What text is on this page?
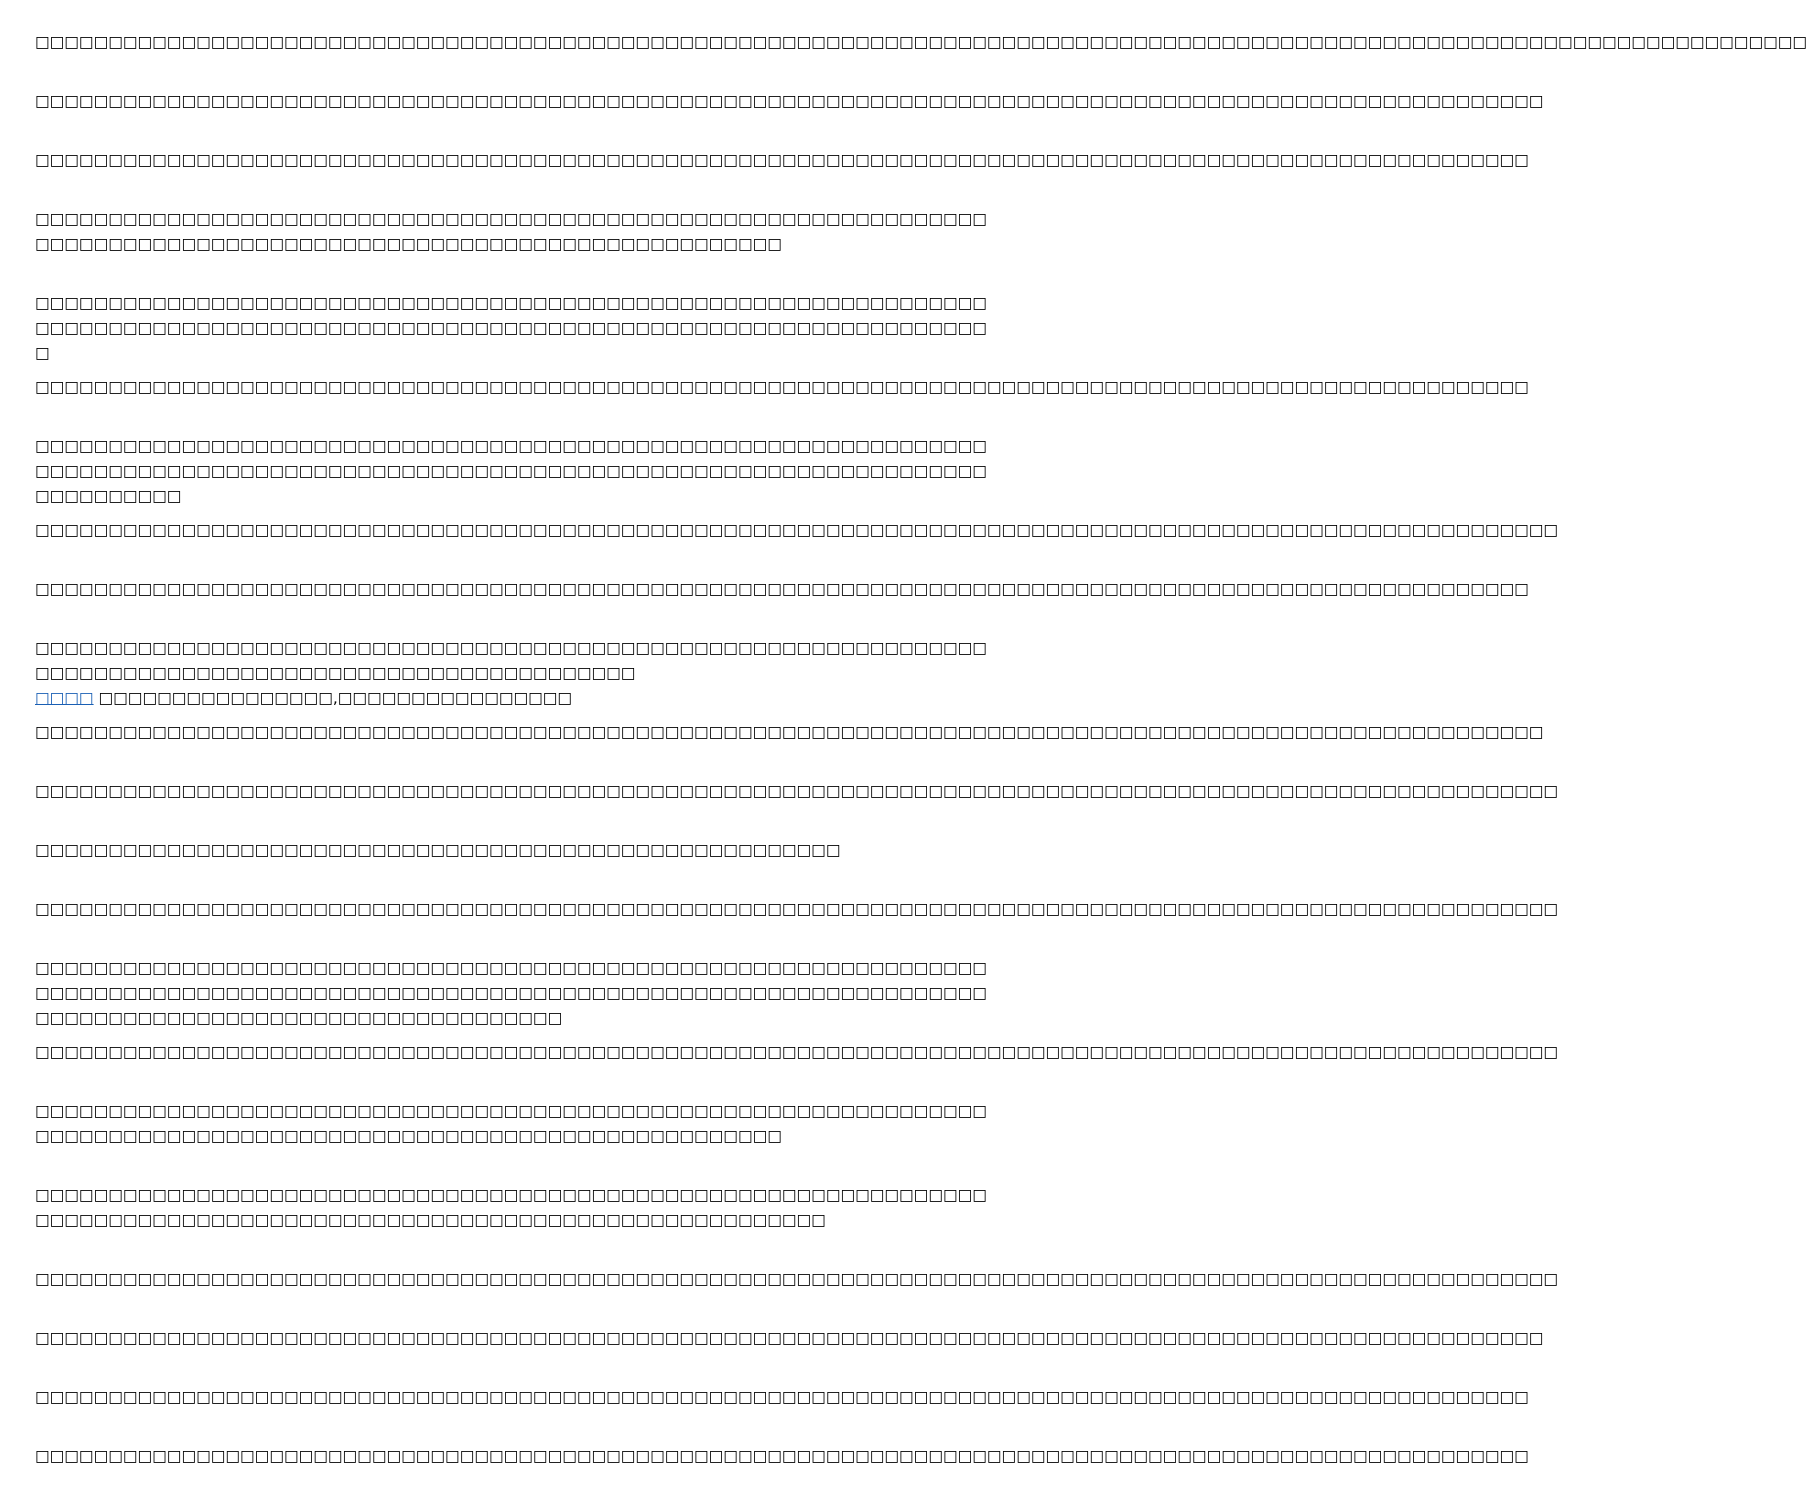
□□□□□□□□□□□□□□□□□□□□□□□□□□□□□□□□□□□□□□□□□□□□□□□□□□□□□□□□□□□□□□□□□□□□□□□□□□□□□□□□□□□□□□□□□□□□□□□□□□□□□□□□□□□□□□□□□□□□□□□□□

□□□□□□□□□□□□□□□□□□□□□□□□□□□□□□□□□□□□□□□□□□□□□□□□□□□□□□□□□□□□□□□□□□□□□□□□□□□□□□□□□□□□□□□□□□□□□□□□□□□□□□□

□□□□□□□□□□□□□□□□□□□□□□□□□□□□□□□□□□□□□□□□□□□□□□□□□□□□□□□□□□□□□□□□□□□□□□□□□□□□□□□□□□□□□□□□□□□□□□□□□□□□□□

□□□□□□□□□□□□□□□□□□□□□□□□□□□□□□□□□□□□□□□□□□□□□□□□□□□□□□□□□□□□□□□□□□□□□□□□□□□□□□□□□□□□□□□□□□□□□□□□□□□□□□□□□□□□□□□□□□□□

□□□□□□□□□□□□□□□□□□□□□□□□□□□□□□□□□□□□□□□□□□□□□□□□□□□□□□□□□□□□□□□□□□□□□□□□□□□□□□□□□□□□□□□□□□□□□□□□□□□□□□□□□□□□□□□□□□□□□□□□□□□□□□□□□□□

□□□□□□□□□□□□□□□□□□□□□□□□□□□□□□□□□□□□□□□□□□□□□□□□□□□□□□□□□□□□□□□□□□□□□□□□□□□□□□□□□□□□□□□□□□□□□□□□□□□□□□

□□□□□□□□□□□□□□□□□□□□□□□□□□□□□□□□□□□□□□□□□□□□□□□□□□□□□□□□□□□□□□□□□□□□□□□□□□□□□□□□□□□□□□□□□□□□□□□□□□□□□□□□□□□□□□□□□□□□□□□□□□□□□□□□□□□□□□□□□□□□

□□□□□□□□□□□□□□□□□□□□□□□□□□□□□□□□□□□□□□□□□□□□□□□□□□□□□□□□□□□□□□□□□□□□□□□□□□□□□□□□□□□□□□□□□□□□□□□□□□□□□□□□

□□□□□□□□□□□□□□□□□□□□□□□□□□□□□□□□□□□□□□□□□□□□□□□□□□□□□□□□□□□□□□□□□□□□□□□□□□□□□□□□□□□□□□□□□□□□□□□□□□□□□□

□□□□□□□□□□□□□□□□□□□□□□□□□□□□□□□□□□□□□□□□□□□□□□□□□□□□□□□□□□□□□□□□□□□□□□□□□□□□□□□□□□□□□□□□□□□□□□□□□□□□□□□□□□
□□□□ □□□□□□□□□□□□□□□□,□□□□□□□□□□□□□□□□

□□□□□□□□□□□□□□□□□□□□□□□□□□□□□□□□□□□□□□□□□□□□□□□□□□□□□□□□□□□□□□□□□□□□□□□□□□□□□□□□□□□□□□□□□□□□□□□□□□□□□□□

□□□□□□□□□□□□□□□□□□□□□□□□□□□□□□□□□□□□□□□□□□□□□□□□□□□□□□□□□□□□□□□□□□□□□□□□□□□□□□□□□□□□□□□□□□□□□□□□□□□□□□□□

□□□□□□□□□□□□□□□□□□□□□□□□□□□□□□□□□□□□□□□□□□□□□□□□□□□□□□□

□□□□□□□□□□□□□□□□□□□□□□□□□□□□□□□□□□□□□□□□□□□□□□□□□□□□□□□□□□□□□□□□□□□□□□□□□□□□□□□□□□□□□□□□□□□□□□□□□□□□□□□□

□□□□□□□□□□□□□□□□□□□□□□□□□□□□□□□□□□□□□□□□□□□□□□□□□□□□□□□□□□□□□□□□□□□□□□□□□□□□□□□□□□□□□□□□□□□□□□□□□□□□□□□□□□□□□□□□□□□□□□□□□□□□□□□□□□□□□□□□□□□□□□□□□□□□□□□□□□□□□□□□□□□□□□

□□□□□□□□□□□□□□□□□□□□□□□□□□□□□□□□□□□□□□□□□□□□□□□□□□□□□□□□□□□□□□□□□□□□□□□□□□□□□□□□□□□□□□□□□□□□□□□□□□□□□□□□

□□□□□□□□□□□□□□□□□□□□□□□□□□□□□□□□□□□□□□□□□□□□□□□□□□□□□□□□□□□□□□□□□□□□□□□□□□□□□□□□□□□□□□□□□□□□□□□□□□□□□□□□□□□□□□□□□□□□

□□□□□□□□□□□□□□□□□□□□□□□□□□□□□□□□□□□□□□□□□□□□□□□□□□□□□□□□□□□□□□□□□□□□□□□□□□□□□□□□□□□□□□□□□□□□□□□□□□□□□□□□□□□□□□□□□□□□□□□

□□□□□□□□□□□□□□□□□□□□□□□□□□□□□□□□□□□□□□□□□□□□□□□□□□□□□□□□□□□□□□□□□□□□□□□□□□□□□□□□□□□□□□□□□□□□□□□□□□□□□□□□

□□□□□□□□□□□□□□□□□□□□□□□□□□□□□□□□□□□□□□□□□□□□□□□□□□□□□□□□□□□□□□□□□□□□□□□□□□□□□□□□□□□□□□□□□□□□□□□□□□□□□□□

□□□□□□□□□□□□□□□□□□□□□□□□□□□□□□□□□□□□□□□□□□□□□□□□□□□□□□□□□□□□□□□□□□□□□□□□□□□□□□□□□□□□□□□□□□□□□□□□□□□□□□

□□□□□□□□□□□□□□□□□□□□□□□□□□□□□□□□□□□□□□□□□□□□□□□□□□□□□□□□□□□□□□□□□□□□□□□□□□□□□□□□□□□□□□□□□□□□□□□□□□□□□□
